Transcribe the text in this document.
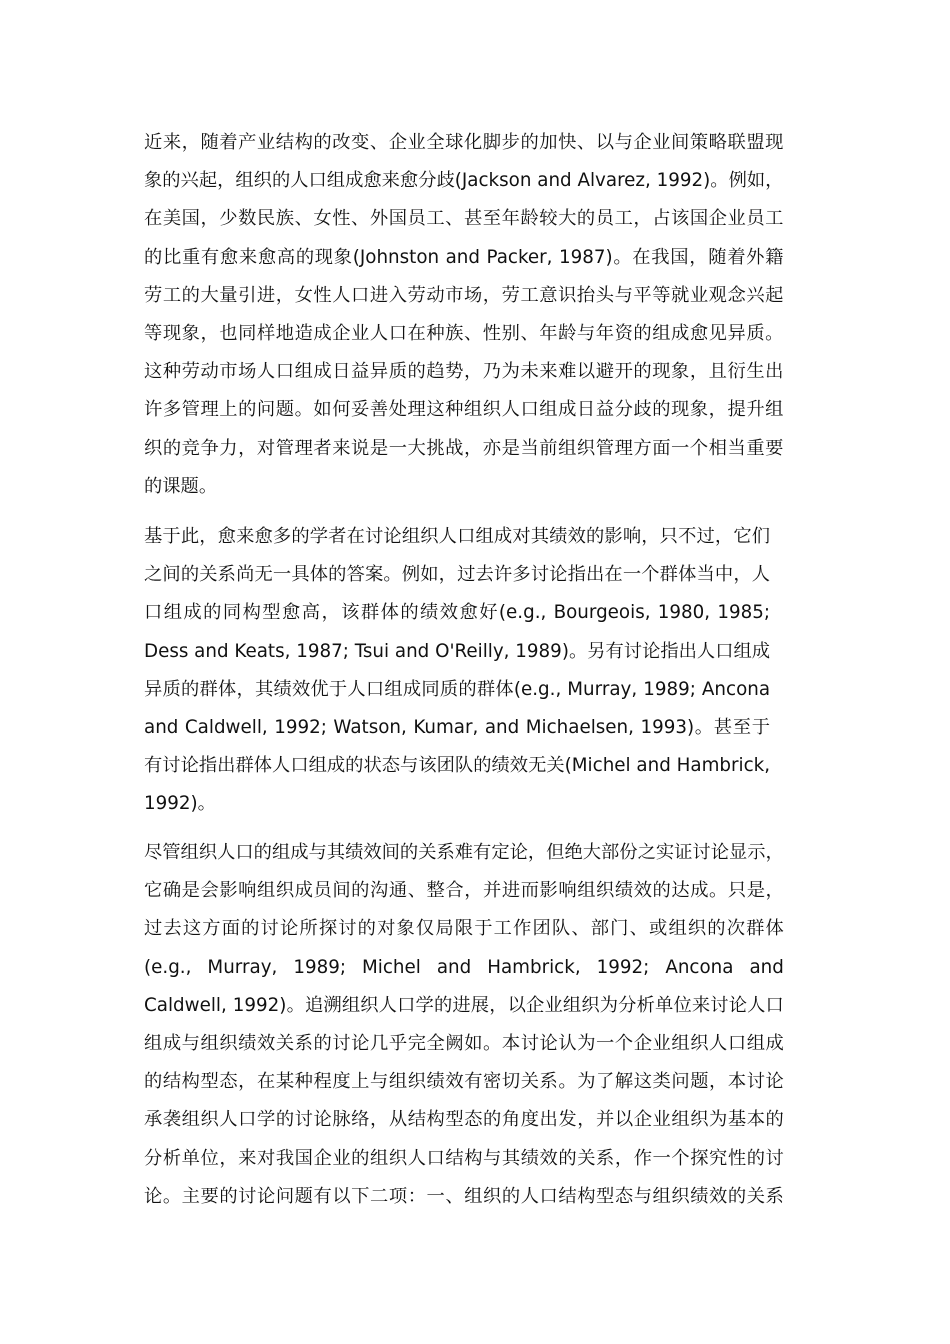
近来，随着产业结构的改变、企业全球化脚步的加快、以与企业间策略联盟现
象的兴起，组织的人口组成愈来愈分歧(Jackson and Alvarez, 1992)。例如，
在美国，少数民族、女性、外国员工、甚至年龄较大的员工，占该国企业员工
的比重有愈来愈高的现象(Johnston and Packer, 1987)。在我国，随着外籍
劳工的大量引进，女性人口进入劳动市场，劳工意识抬头与平等就业观念兴起
等现象，也同样地造成企业人口在种族、性别、年龄与年资的组成愈见异质。
这种劳动市场人口组成日益异质的趋势，乃为未来难以避开的现象，且衍生出
许多管理上的问题。如何妥善处理这种组织人口组成日益分歧的现象，提升组
织的竞争力，对管理者来说是一大挑战，亦是当前组织管理方面一个相当重要
的课题。
基于此，愈来愈多的学者在讨论组织人口组成对其绩效的影响，只不过，它们
之间的关系尚无一具体的答案。例如，过去许多讨论指出在一个群体当中，人
口组成的同构型愈高，该群体的绩效愈好(e.g., Bourgeois, 1980, 1985;
Dess and Keats, 1987; Tsui and O'Reilly, 1989)。另有讨论指出人口组成
异质的群体，其绩效优于人口组成同质的群体(e.g., Murray, 1989; Ancona
and Caldwell, 1992; Watson, Kumar, and Michaelsen, 1993)。甚至于
有讨论指出群体人口组成的状态与该团队的绩效无关(Michel and Hambrick,
1992)。
尽管组织人口的组成与其绩效间的关系难有定论，但绝大部份之实证讨论显示，
它确是会影响组织成员间的沟通、整合，并进而影响组织绩效的达成。只是，
过去这方面的讨论所探讨的对象仅局限于工作团队、部门、或组织的次群体
(e.g., Murray, 1989; Michel and Hambrick, 1992; Ancona and
Caldwell, 1992)。追溯组织人口学的进展，以企业组织为分析单位来讨论人口
组成与组织绩效关系的讨论几乎完全阙如。本讨论认为一个企业组织人口组成
的结构型态，在某种程度上与组织绩效有密切关系。为了解这类问题，本讨论
承袭组织人口学的讨论脉络，从结构型态的角度出发，并以企业组织为基本的
分析单位，来对我国企业的组织人口结构与其绩效的关系，作一个探究性的讨
论。主要的讨论问题有以下二项：一、组织的人口结构型态与组织绩效的关系
